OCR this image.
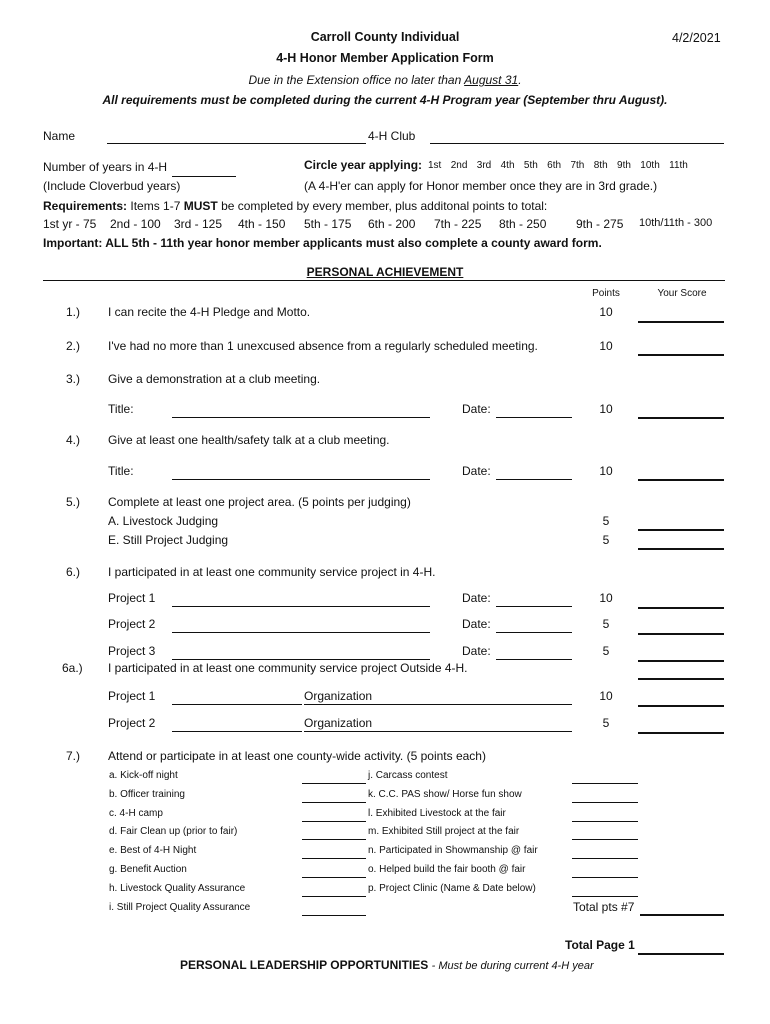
Carroll County Individual	4/2/2021
4-H Honor Member Application Form
Due in the Extension office no later than August 31.
All requirements must be completed during the current 4-H Program year (September thru August).
Name	4-H Club
Number of years in 4-H
(Include Cloverbud years)
Circle year applying: 1st 2nd 3rd 4th 5th 6th 7th 8th 9th 10th 11th
(A 4-H'er can apply for Honor member once they are in 3rd grade.)
Requirements: Items 1-7 MUST be completed by every member, plus additonal points to total:
1st yr - 75 2nd - 100 3rd - 125 4th - 150 5th - 175 6th - 200 7th - 225 8th - 250 9th - 275 10th/11th - 300
Important: ALL 5th - 11th year honor member applicants must also complete a county award form.
PERSONAL ACHIEVEMENT
Points	Your Score
1.) I can recite the 4-H Pledge and Motto.	10
2.) I've had no more than 1 unexcused absence from a regularly scheduled meeting.	10
3.) Give a demonstration at a club meeting.
Title:	Date:	10
4.) Give at least one health/safety talk at a club meeting.
Title:	Date:	10
5.) Complete at least one project area. (5 points per judging)
A. Livestock Judging	5
E. Still Project Judging	5
6.) I participated in at least one community service project in 4-H.
Project 1	Date:	10
Project 2	Date:	5
Project 3	Date:	5
6a.) I participated in at least one community service project Outside 4-H.
Project 1	Organization	10
Project 2	Organization	5
7.) Attend or participate in at least one county-wide activity. (5 points each)
a. Kick-off night	j. Carcass contest
b. Officer training	k. C.C. PAS show/ Horse fun show
c. 4-H camp	l. Exhibited Livestock at the fair
d. Fair Clean up (prior to fair)	m. Exhibited Still project at the fair
e. Best of 4-H Night	n. Participated in Showmanship @ fair
g. Benefit Auction	o. Helped build the fair booth @ fair
h. Livestock Quality Assurance	p. Project Clinic (Name & Date below)
i. Still Project Quality Assurance	Total pts #7
Total Page 1
PERSONAL LEADERSHIP OPPORTUNITIES - Must be during current 4-H year
